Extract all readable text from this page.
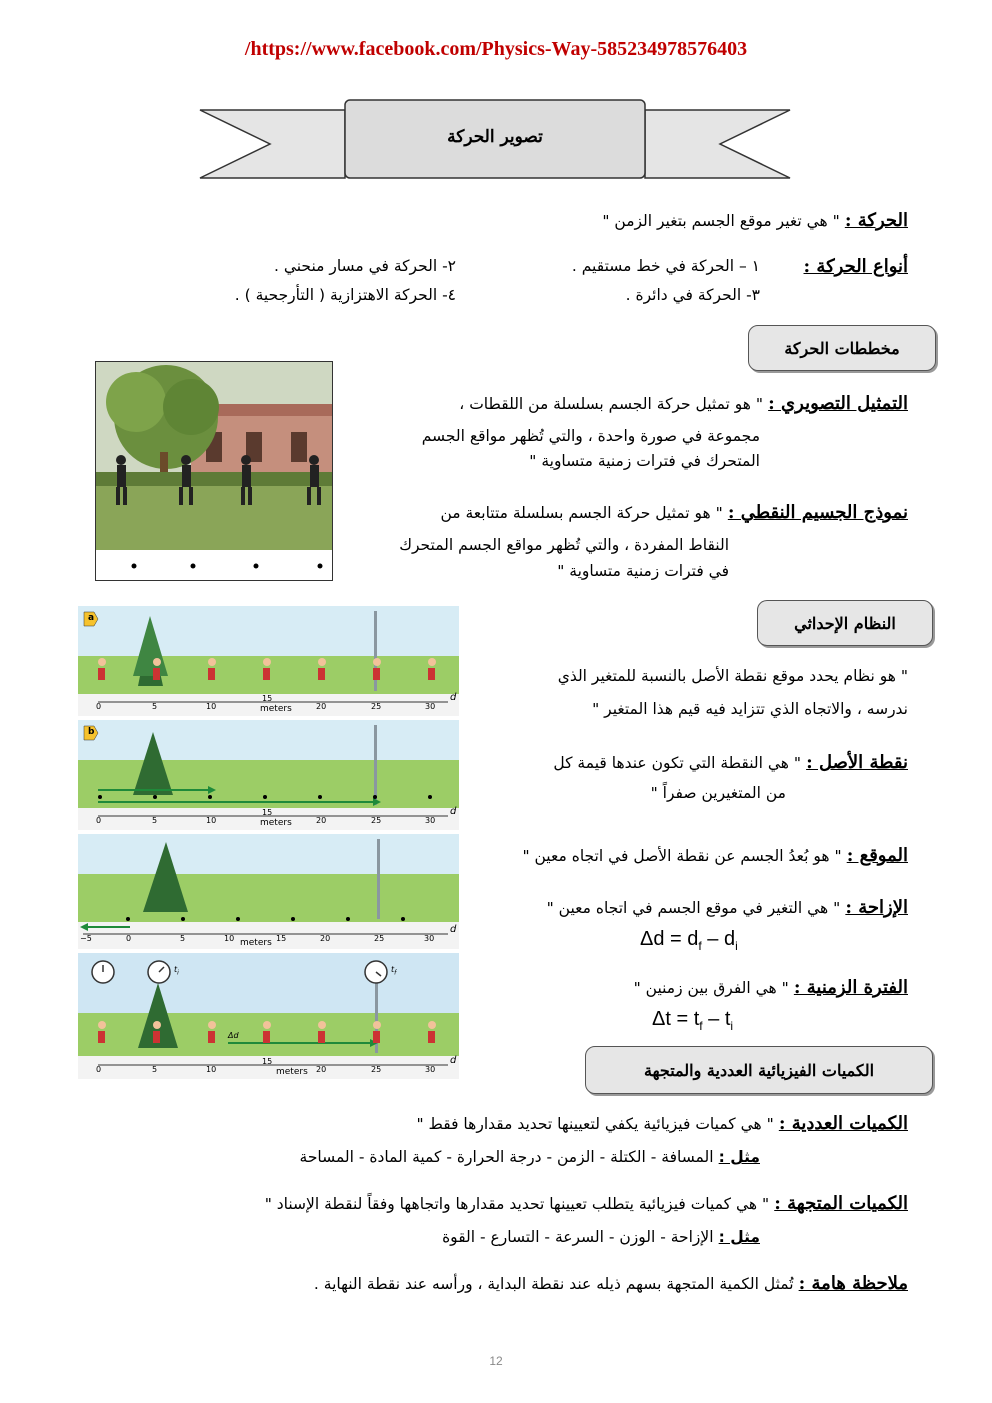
/https://www.facebook.com/Physics-Way-585234978576403
تصوير الحركة
الحركة : " هي تغير موقع الجسم بتغير الزمن "
أنواع الحركة :
١ – الحركة في خط مستقيم .
٢- الحركة في مسار منحني .
٣- الحركة في دائرة .
٤- الحركة الاهتزازية ( التأرجحية ) .
مخططات الحركة
التمثيل التصويري : " هو تمثيل حركة الجسم بسلسلة من اللقطات ،
مجموعة في صورة واحدة ، والتي تُظهر مواقع الجسم
المتحرك في فترات زمنية متساوية "
نموذج الجسيم النقطي : " هو تمثيل حركة الجسم بسلسلة متتابعة من
النقاط المفردة ، والتي تُظهر مواقع الجسم المتحرك
في فترات زمنية متساوية "
النظام الإحداثي
" هو نظام يحدد موقع نقطة الأصل بالنسبة للمتغير الذي
ندرسه ، والاتجاه الذي تتزايد فيه قيم هذا المتغير "
نقطة الأصل : " هي النقطة التي تكون عندها قيمة كل
من المتغيرين صفراً "
الموقع : " هو بُعدُ الجسم عن نقطة الأصل في اتجاه معين "
الإزاحة : " هي التغير في موقع الجسم في اتجاه معين "
$\Delta d = d_f - d_i$
الفترة الزمنية : " هي الفرق بين زمنين "
$\Delta t = t_f - t_i$
الكميات الفيزيائية العددية والمتجهة
الكميات العددية : " هي كميات فيزيائية يكفي لتعيينها تحديد مقدارها فقط "
مثل : المسافة - الكتلة - الزمن - درجة الحرارة - كمية المادة - المساحة
الكميات المتجهة : " هي كميات فيزيائية يتطلب تعيينها تحديد مقدارها واتجاهها وفقاً لنقطة الإسناد "
مثل : الإزاحة - الوزن - السرعة - التسارع - القوة
ملاحظة هامة : تُمثل الكمية المتجهة بسهم ذيله عند نقطة البداية ، ورأسه عند نقطة النهاية .
a
d
meters
0	5	10
15
20	25	30
b
d
meters
0	5	10
15
20	25	30
d
meters
−5	0	5	10	15	20	25	30
$t_i$	$t_f$
Δd
d
meters
0	5	10
15
20	25	30
12
